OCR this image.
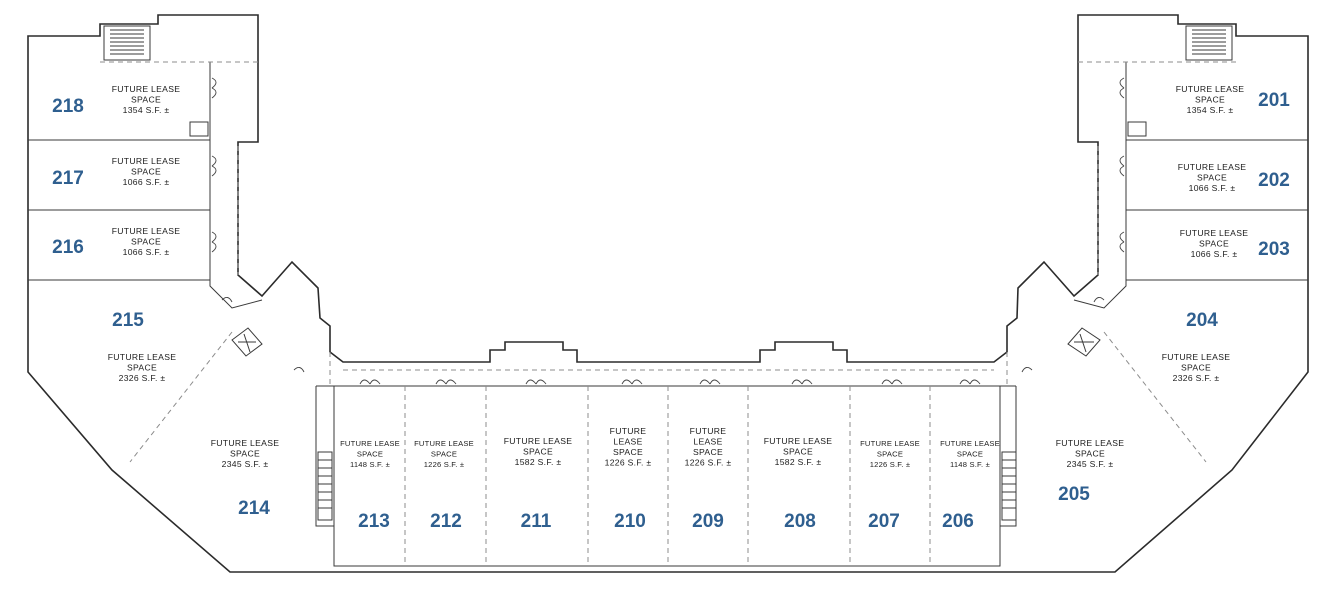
201
FUTURE LEASE SPACE 1354 S.F. ±
202
FUTURE LEASE SPACE 1066 S.F. ±
203
FUTURE LEASE SPACE 1066 S.F. ±
204
FUTURE LEASE SPACE 2326 S.F. ±
205
FUTURE LEASE SPACE 2345 S.F. ±
206
FUTURE LEASE SPACE 1148 S.F. ±
207
FUTURE LEASE SPACE 1226 S.F. ±
208
FUTURE LEASE SPACE 1582 S.F. ±
209
FUTURE LEASE SPACE 1226 S.F. ±
210
FUTURE LEASE SPACE 1226 S.F. ±
211
FUTURE LEASE SPACE 1582 S.F. ±
212
FUTURE LEASE SPACE 1226 S.F. ±
213
FUTURE LEASE SPACE 1148 S.F. ±
214
FUTURE LEASE SPACE 2345 S.F. ±
215
FUTURE LEASE SPACE 2326 S.F. ±
216
FUTURE LEASE SPACE 1066 S.F. ±
217
FUTURE LEASE SPACE 1066 S.F. ±
218
FUTURE LEASE SPACE 1354 S.F. ±
